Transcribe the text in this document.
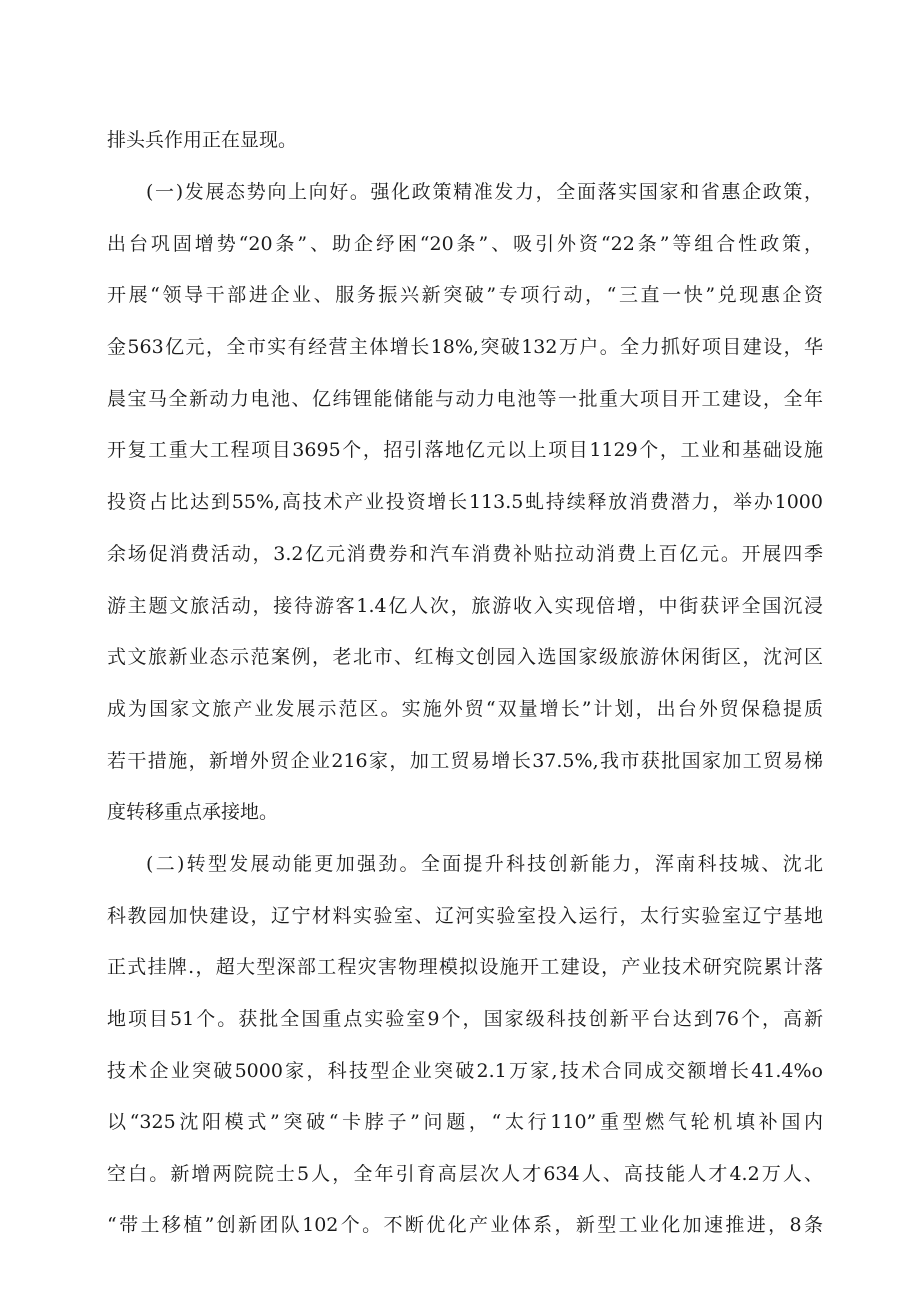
排头兵作用正在显现。
(一)发展态势向上向好。强化政策精准发力，全面落实国家和省惠企政策，
出台巩固增势“20条”、助企纾困“20条”、吸引外资“22条”等组合性政策，
开展“领导干部进企业、服务振兴新突破”专项行动，“三直一快”兑现惠企资
金563亿元，全市实有经营主体增长18%,突破132万户。全力抓好项目建设，华
晨宝马全新动力电池、亿纬锂能储能与动力电池等一批重大项目开工建设，全年
开复工重大工程项目3695个，招引落地亿元以上项目1129个，工业和基础设施
投资占比达到55%,高技术产业投资增长113.5虬持续释放消费潜力，举办1000
余场促消费活动，3.2亿元消费券和汽车消费补贴拉动消费上百亿元。开展四季
游主题文旅活动，接待游客1.4亿人次，旅游收入实现倍增，中街获评全国沉浸
式文旅新业态示范案例，老北市、红梅文创园入选国家级旅游休闲街区，沈河区
成为国家文旅产业发展示范区。实施外贸“双量增长”计划，出台外贸保稳提质
若干措施，新增外贸企业216家，加工贸易增长37.5%,我市获批国家加工贸易梯
度转移重点承接地。
(二)转型发展动能更加强劲。全面提升科技创新能力，浑南科技城、沈北
科教园加快建设，辽宁材料实验室、辽河实验室投入运行，太行实验室辽宁基地
正式挂牌.，超大型深部工程灾害物理模拟设施开工建设，产业技术研究院累计落
地项目51个。获批全国重点实验室9个，国家级科技创新平台达到76个，高新
技术企业突破5000家，科技型企业突破2.1万家,技术合同成交额增长41.4%o
以“325沈阳模式”突破“卡脖子”问题，“太行110”重型燃气轮机填补国内
空白。新增两院院士5人，全年引育高层次人才634人、高技能人才4.2万人、
“带土移植”创新团队102个。不断优化产业体系，新型工业化加速推进，8条
